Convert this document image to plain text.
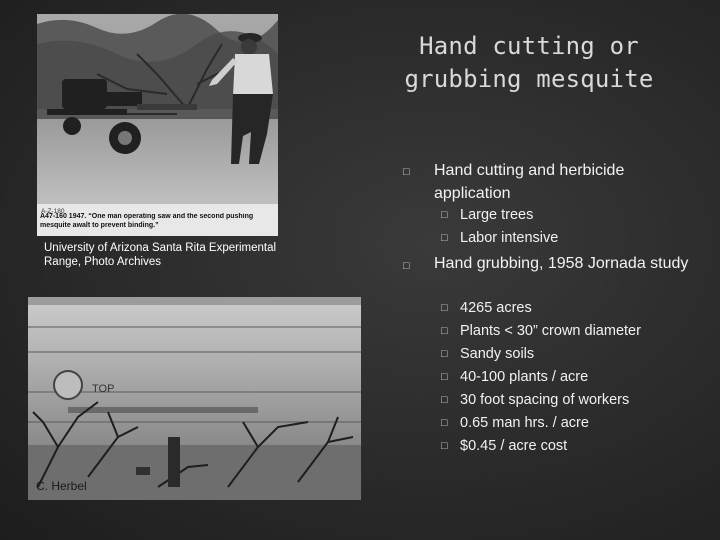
A-Z-180
A47-160 1947. “One man operating saw and the second pushing mesquite awalt to prevent binding.”
University of Arizona Santa Rita Experimental Range, Photo Archives
TOP
C. Herbel
Hand cutting or grubbing mesquite
□ Hand cutting and herbicide application
□ Large trees
□ Labor intensive
□ Hand grubbing, 1958 Jornada study
□ 4265 acres
□ Plants < 30” crown diameter
□ Sandy soils
□ 40-100 plants / acre
□ 30 foot spacing of workers
□ 0.65 man hrs. / acre
□ $0.45 / acre cost
